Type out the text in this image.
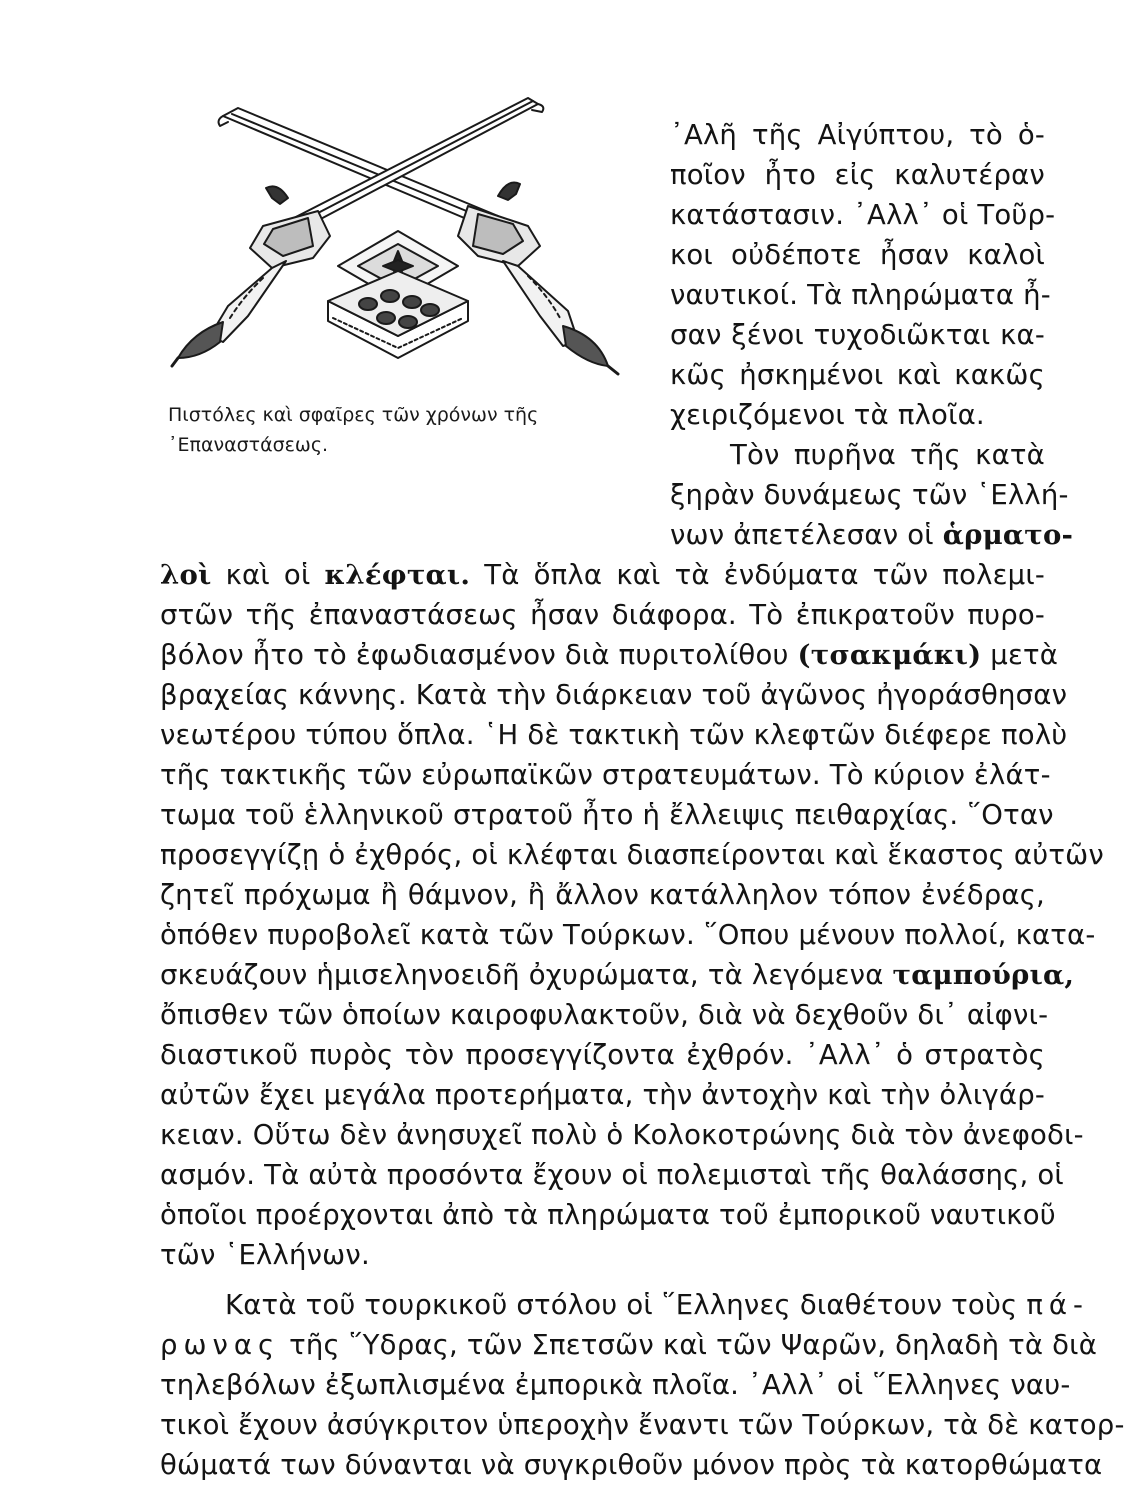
Πιστόλες καὶ σφαῖρες τῶν χρόνων τῆς
᾿Επαναστάσεως.
᾿Αλῆ τῆς Αἰγύπτου, τὸ ὁ-
ποῖον ἦτο εἰς καλυτέραν
κατάστασιν. ᾿Αλλ᾿ οἱ Τοῦρ-
κοι οὐδέποτε ἦσαν καλοὶ
ναυτικοί. Τὰ πληρώματα ἦ-
σαν ξένοι τυχοδιῶκται κα-
κῶς ἠσκημένοι καὶ κακῶς
χειριζόμενοι τὰ πλοῖα.
Τὸν πυρῆνα τῆς κατὰ
ξηρὰν δυνάμεως τῶν ῾Ελλή-
νων ἀπετέλεσαν οἱ ἁρματο-
λοὶ καὶ οἱ κλέφται. Τὰ ὅπλα καὶ τὰ ἐνδύματα τῶν πολεμι-
στῶν τῆς ἐπαναστάσεως ἦσαν διάφορα. Τὸ ἐπικρατοῦν πυρο-
βόλον ἦτο τὸ ἐφωδιασμένον διὰ πυριτολίθου (τσακμάκι) μετὰ
βραχείας κάννης. Κατὰ τὴν διάρκειαν τοῦ ἀγῶνος ἠγοράσθησαν
νεωτέρου τύπου ὅπλα. ῾Η δὲ τακτικὴ τῶν κλεφτῶν διέφερε πολὺ
τῆς τακτικῆς τῶν εὐρωπαϊκῶν στρατευμάτων. Τὸ κύριον ἐλάτ-
τωμα τοῦ ἑλληνικοῦ στρατοῦ ἦτο ἡ ἔλλειψις πειθαρχίας. ῞Οταν
προσεγγίζῃ ὁ ἐχθρός, οἱ κλέφται διασπείρονται καὶ ἕκαστος αὐτῶν
ζητεῖ πρόχωμα ἢ θάμνον, ἢ ἄλλον κατάλληλον τόπον ἐνέδρας,
ὁπόθεν πυροβολεῖ κατὰ τῶν Τούρκων. ῞Οπου μένουν πολλοί, κατα-
σκευάζουν ἡμισεληνοειδῆ ὀχυρώματα, τὰ λεγόμενα ταμπούρια,
ὄπισθεν τῶν ὁποίων καιροφυλακτοῦν, διὰ νὰ δεχθοῦν δι᾿ αἰφνι-
διαστικοῦ πυρὸς τὸν προσεγγίζοντα ἐχθρόν. ᾿Αλλ᾿ ὁ στρατὸς
αὐτῶν ἔχει μεγάλα προτερήματα, τὴν ἀντοχὴν καὶ τὴν ὀλιγάρ-
κειαν. Οὕτω δὲν ἀνησυχεῖ πολὺ ὁ Κολοκοτρώνης διὰ τὸν ἀνεφοδι-
ασμόν. Τὰ αὐτὰ προσόντα ἔχουν οἱ πολεμισταὶ τῆς θαλάσσης, οἱ
ὁποῖοι προέρχονται ἀπὸ τὰ πληρώματα τοῦ ἐμπορικοῦ ναυτικοῦ
τῶν ῾Ελλήνων.
Κατὰ τοῦ τουρκικοῦ στόλου οἱ ῞Ελληνες διαθέτουν τοὺς πά-
ρωνας τῆς ῞Υδρας, τῶν Σπετσῶν καὶ τῶν Ψαρῶν, δηλαδὴ τὰ διὰ
τηλεβόλων ἐξωπλισμένα ἐμπορικὰ πλοῖα. ᾿Αλλ᾿ οἱ ῞Ελληνες ναυ-
τικοὶ ἔχουν ἀσύγκριτον ὑπεροχὴν ἔναντι τῶν Τούρκων, τὰ δὲ κατορ-
θώματά των δύνανται νὰ συγκριθοῦν μόνον πρὸς τὰ κατορθώματα
